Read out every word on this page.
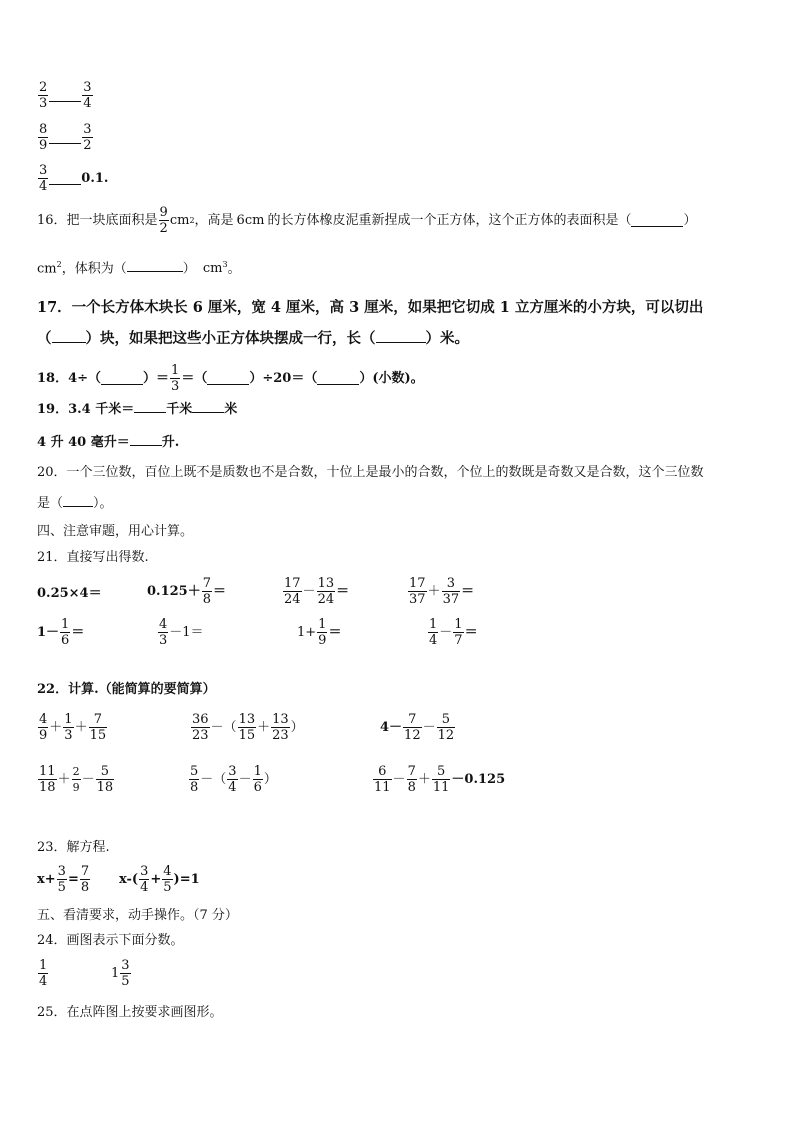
$\frac{2}{3}$	$\frac{3}{4}$
$\frac{8}{9}$	$\frac{3}{2}$
$\frac{3}{4}$	0.1.
16．把一块底面积是 $\frac{9}{2}$ cm 2 ，高是 6cm 的长方体橡皮泥重新捏成一个正方体，这个正方体的表面积是（	）
$cm^2$，体积为（	） $cm^3$。
17．一个长方体木块长 6 厘米，宽 4 厘米，高 3 厘米，如果把它切成 1 立方厘米的小方块，可以切出
（ ）块，如果把这些小正方体块摆成一行，长（	）米。
18．4÷（	）＝ $\frac{1}{3}$ ＝（	）÷20＝（	）(小数)。
19．3.4 千米＝ 千米 米
4 升 40 毫升＝ 升.
20．一个三位数，百位上既不是质数也不是合数，十位上是最小的合数，个位上的数既是奇数又是合数，这个三位数
是（ ）。
四、注意审题，用心计算。
21．直接写出得数.
0.25×4＝	$0.125+ \frac{7}{8}$ ＝	$\frac{17}{24} - \frac{13}{24}$ ＝	$\frac{17}{37} + \frac{3}{37}$ ＝
$1- \frac{1}{6}$ ＝	$\frac{4}{3} -1=$	$1+ \frac{1}{9}$ ＝	$\frac{1}{4} - \frac{1}{7}$ ＝
22．计算.（能简算的要简算）
$\frac{4}{9} + \frac{1}{3} + \frac{7}{15}$	$\frac{36}{23}$ －（ $\frac{13}{15} + \frac{13}{23}$ ）	$4- \frac{7}{12} - \frac{5}{12}$
$\frac{11}{18} + \frac{2}{9} - \frac{5}{18}$	$\frac{5}{8}$ －（ $\frac{3}{4} - \frac{1}{6}$ ）	$\frac{6}{11} - \frac{7}{8} + \frac{5}{11} -0.125$
23．解方程.
$x+ \frac{3}{5} = \frac{7}{8} x-( \frac{3}{4} + \frac{4}{5} )=1$
五、看清要求，动手操作。（7 分）
24．画图表示下面分数。
$\frac{1}{4}$	$1 \frac{3}{5}$
25．在点阵图上按要求画图形。
